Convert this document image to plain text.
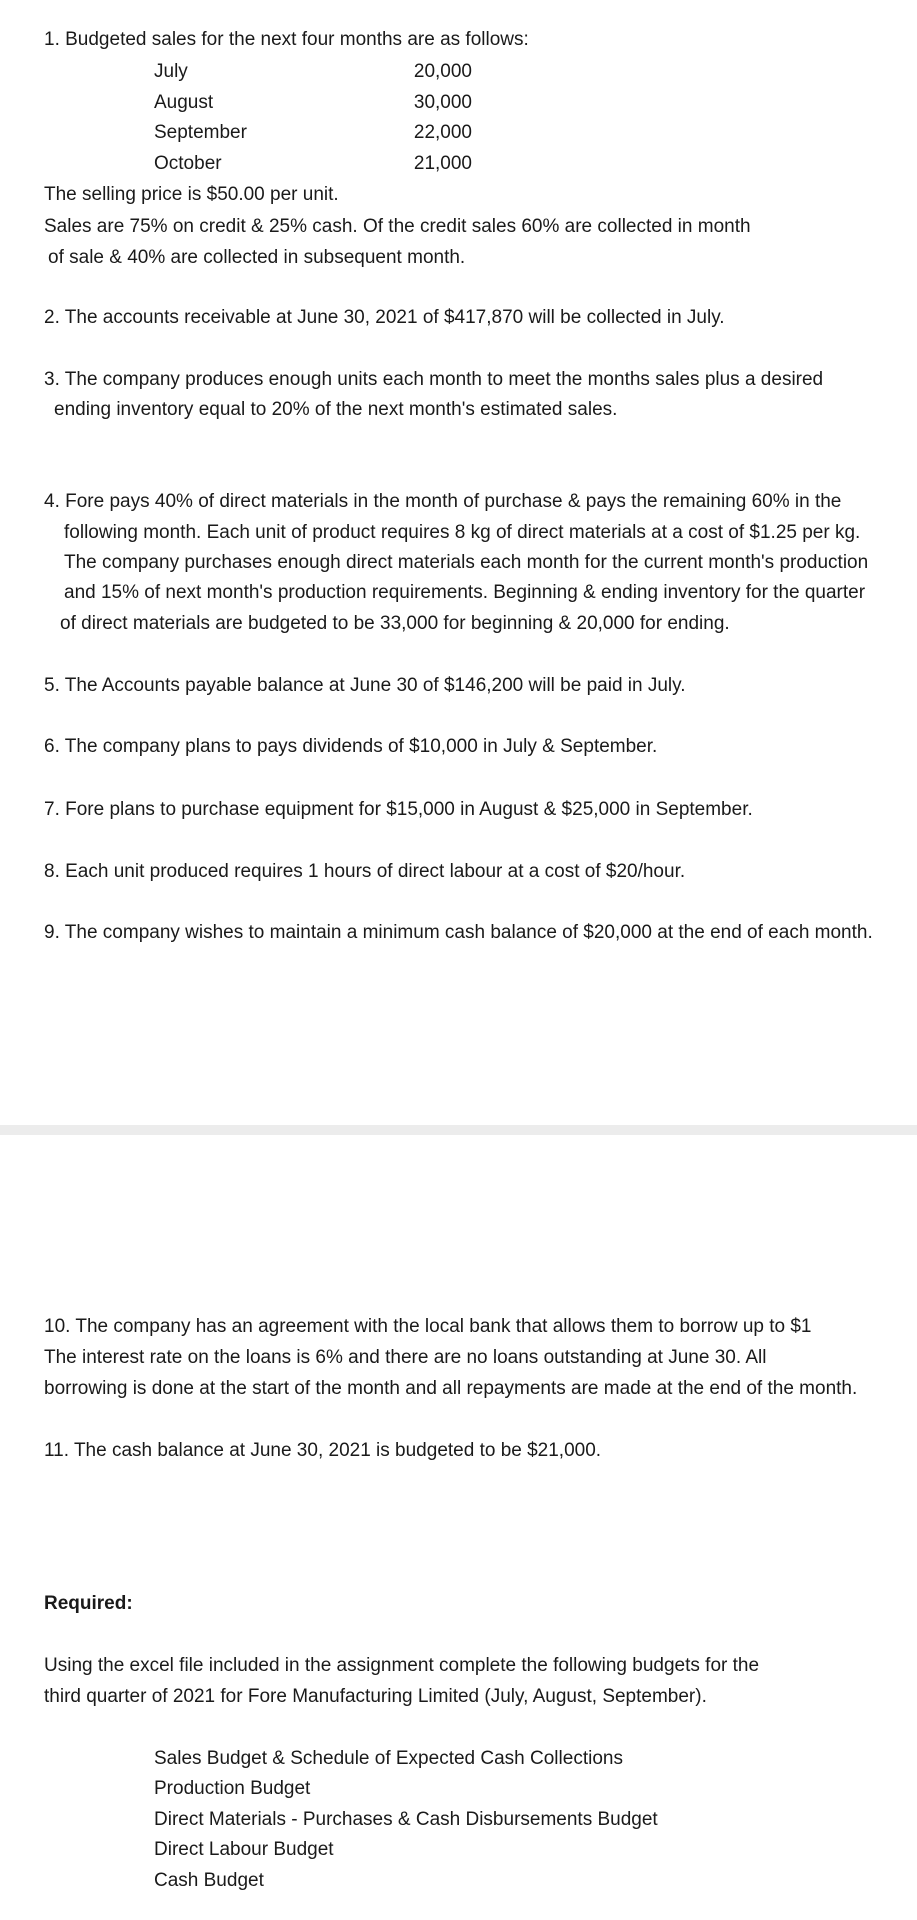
1. Budgeted sales for the next four months are as follows:
July	20,000
August	30,000
September	22,000
October	21,000
The selling price is $50.00 per unit.
Sales are 75% on credit & 25% cash. Of the credit sales 60% are collected in month
of sale & 40% are collected in subsequent month.
2. The accounts receivable at June 30, 2021 of $417,870 will be collected in July.
3. The company produces enough units each month to meet the months sales plus a desired
ending inventory equal to 20% of the next month's estimated sales.
4. Fore pays 40% of direct materials in the month of purchase & pays the remaining 60% in the
following month. Each unit of product requires 8 kg of direct materials at a cost of $1.25 per kg.
The company purchases enough direct materials each month for the current month's production
and 15% of next month's production requirements. Beginning & ending inventory for the quarter
of direct materials are budgeted to be 33,000 for beginning & 20,000 for ending.
5. The Accounts payable balance at June 30 of $146,200 will be paid in July.
6. The company plans to pays dividends of $10,000 in July & September.
7. Fore plans to purchase equipment for $15,000 in August & $25,000 in September.
8. Each unit produced requires 1 hours of direct labour at a cost of $20/hour.
9. The company wishes to maintain a minimum cash balance of $20,000 at the end of each month.
10. The company has an agreement with the local bank that allows them to borrow up to $1
The interest rate on the loans is 6% and there are no loans outstanding at June 30. All
borrowing is done at the start of the month and all repayments are made at the end of the month.
11. The cash balance at June 30, 2021 is budgeted to be $21,000.
Required:
Using the excel file included in the assignment complete the following budgets for the
third quarter of 2021 for Fore Manufacturing Limited (July, August, September).
Sales Budget & Schedule of Expected Cash Collections
Production Budget
Direct Materials - Purchases & Cash Disbursements Budget
Direct Labour Budget
Cash Budget
